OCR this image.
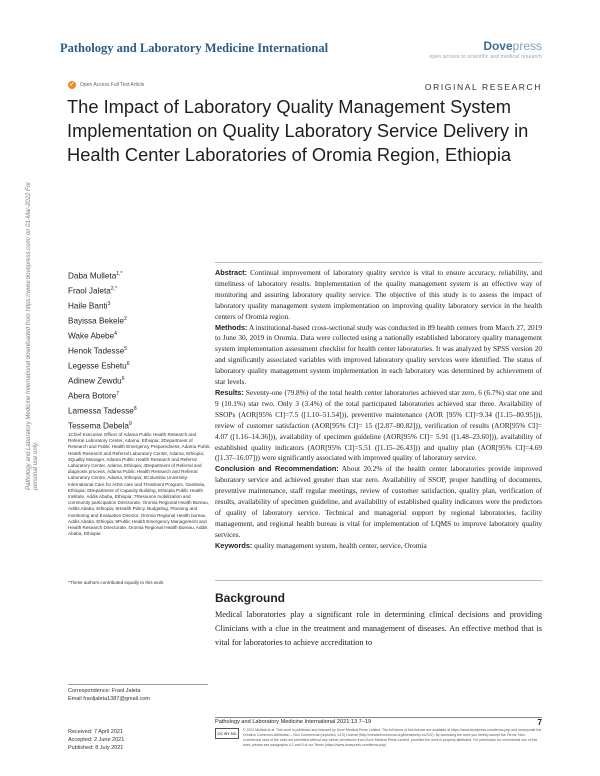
Pathology and Laboratory Medicine International	Dovepress
open access to scientific and medical research
✓ Open Access Full Text Article	ORIGINAL RESEARCH
The Impact of Laboratory Quality Management System Implementation on Quality Laboratory Service Delivery in Health Center Laboratories of Oromia Region, Ethiopia
Pathology and Laboratory Medicine International downloaded from https://www.dovepress.com/ on 01-Mar-2022 For personal use only.
Daba Mulleta$^{1,*}$
Fraol Jaleta$^{2,*}$
Haile Banti$^3$
Bayissa Bekele$^2$
Wake Abebe$^4$
Henok Tadesse$^5$
Legesse Eshetu$^6$
Adinew Zewdu$^6$
Abera Botore$^7$
Lamessa Tadesse$^8$
Tessema Debela$^9$
1Chief Executive Officer of Adama Public Health Research and Referral Laboratory Center, Adama, Ethiopia; 2Department of Research and Public Health Emergency Preparedness, Adama Public Health Research and Referral Laboratory Center, Adama, Ethiopia; 3Quality Manager, Adama Public Health Research and Referral Laboratory Center, Adama, Ethiopia; 4Department of Referral and diagnosis process, Adama Public Health Research and Referral Laboratory Centre, Adama, Ethiopia; 5Columbia University-International Care for AIDS care and Treatment Program, Gambela, Ethiopia; 6Department of Capacity Building, Ethiopia Public Health Institute, Addis Ababa, Ethiopia; 7Resource mobilization and community participation Directorate, Oromia Regional Health Bureau, Addis Ababa, Ethiopia; 8Health Policy, Budgeting, Planning and monitoring and Evaluation Director, Oromia Regional Health bureau Addis Ababa, Ethiopia; 9Public Health Emergency Management and Health Research Directorate, Oromia Regional Health Bureau, Addis Ababa, Ethiopia
*These authors contributed equally to this work
Abstract: Continual improvement of laboratory quality service is vital to ensure accuracy, reliability, and timeliness of laboratory results. Implementation of the quality management system is an effective way of monitoring and assuring laboratory quality service. The objective of this study is to assess the impact of laboratory quality management system implementation on improving quality laboratory service in the health centers of Oromia region.
Methods: A institutional-based cross-sectional study was conducted in 89 health centers from March 27, 2019 to June 30, 2019 in Oromia. Data were collected using a nationally established laboratory quality management system implementation assessment checklist for health center laboratories. It was analyzed by SPSS version 20 and significantly associated variables with improved laboratory quality services were identified. The status of laboratory quality management system implementation in each laboratory was determined by achievement of star levels.
Results: Seventy-one (79.8%) of the total health center laboratories achieved star zero, 6 (6.7%) star one and 9 (10.1%) star two. Only 3 (3.4%) of the total participated laboratories achieved star three. Availability of SSOPs (AOR[95% CI]=7.5 ([1.10–51.54])), preventive maintenance (AOR [95% CI]=9.34 ([1.15–80.95])), review of customer satisfaction (AOR[95% CI]= 15 ([2.87–80.82])), verification of results (AOR[95% CI]= 4.07 ([1.16–14.36])), availability of specimen guideline (AOR[95% CI]= 5.91 ([1.48–23.60])), availability of established quality indicators (AOR[95% CI]=5.51 ([1.15–26.43])) and quality plan (AOR[95% CI]=4.69 ([1.37–16.07])) were significantly associated with improved quality of laboratory service.
Conclusion and Recommendation: About 20.2% of the health center laboratories provide improved laboratory service and achieved greater than star zero. Availability of SSOP, proper handling of documents, preventive maintenance, staff regular meetings, review of customer satisfaction, quality plan, verification of results, availability of specimen guideline, and availability of established quality indicators were the predictors of quality of laboratory service. Technical and managerial support by regional laboratories, facility management, and regional health bureau is vital for implementation of LQMS to improve laboratory quality services.
Keywords: quality management system, health center, service, Oromia
Background
Medical laboratories play a significant role in determining clinical decisions and providing Clinicians with a clue in the treatment and management of diseases. An effective method that is vital for laboratories to achieve accreditation to
Correspondence: Fraol Jaleta
Email fraoljaleta1387@gmail.com
Pathology and Laboratory Medicine International 2021:13 7–19	7
CC BY NC
© 2021 Mulleta et al. This work is published and licensed by Dove Medical Press Limited. The full terms of this license are available at https://www.dovepress.com/terms.php and incorporate the Creative Commons Attribution – Non Commercial (unported, v3.0) License (http://creativecommons.org/licenses/by-nc/3.0/). By accessing the work you hereby accept the Terms. Non-commercial uses of the work are permitted without any further permission from Dove Medical Press Limited, provided the work is properly attributed. For permission for commercial use of this work, please see paragraphs 4.2 and 5 of our Terms (https://www.dovepress.com/terms.php).
Received: 7 April 2021
Accepted: 2 June 2021
Published: 8 July 2021
